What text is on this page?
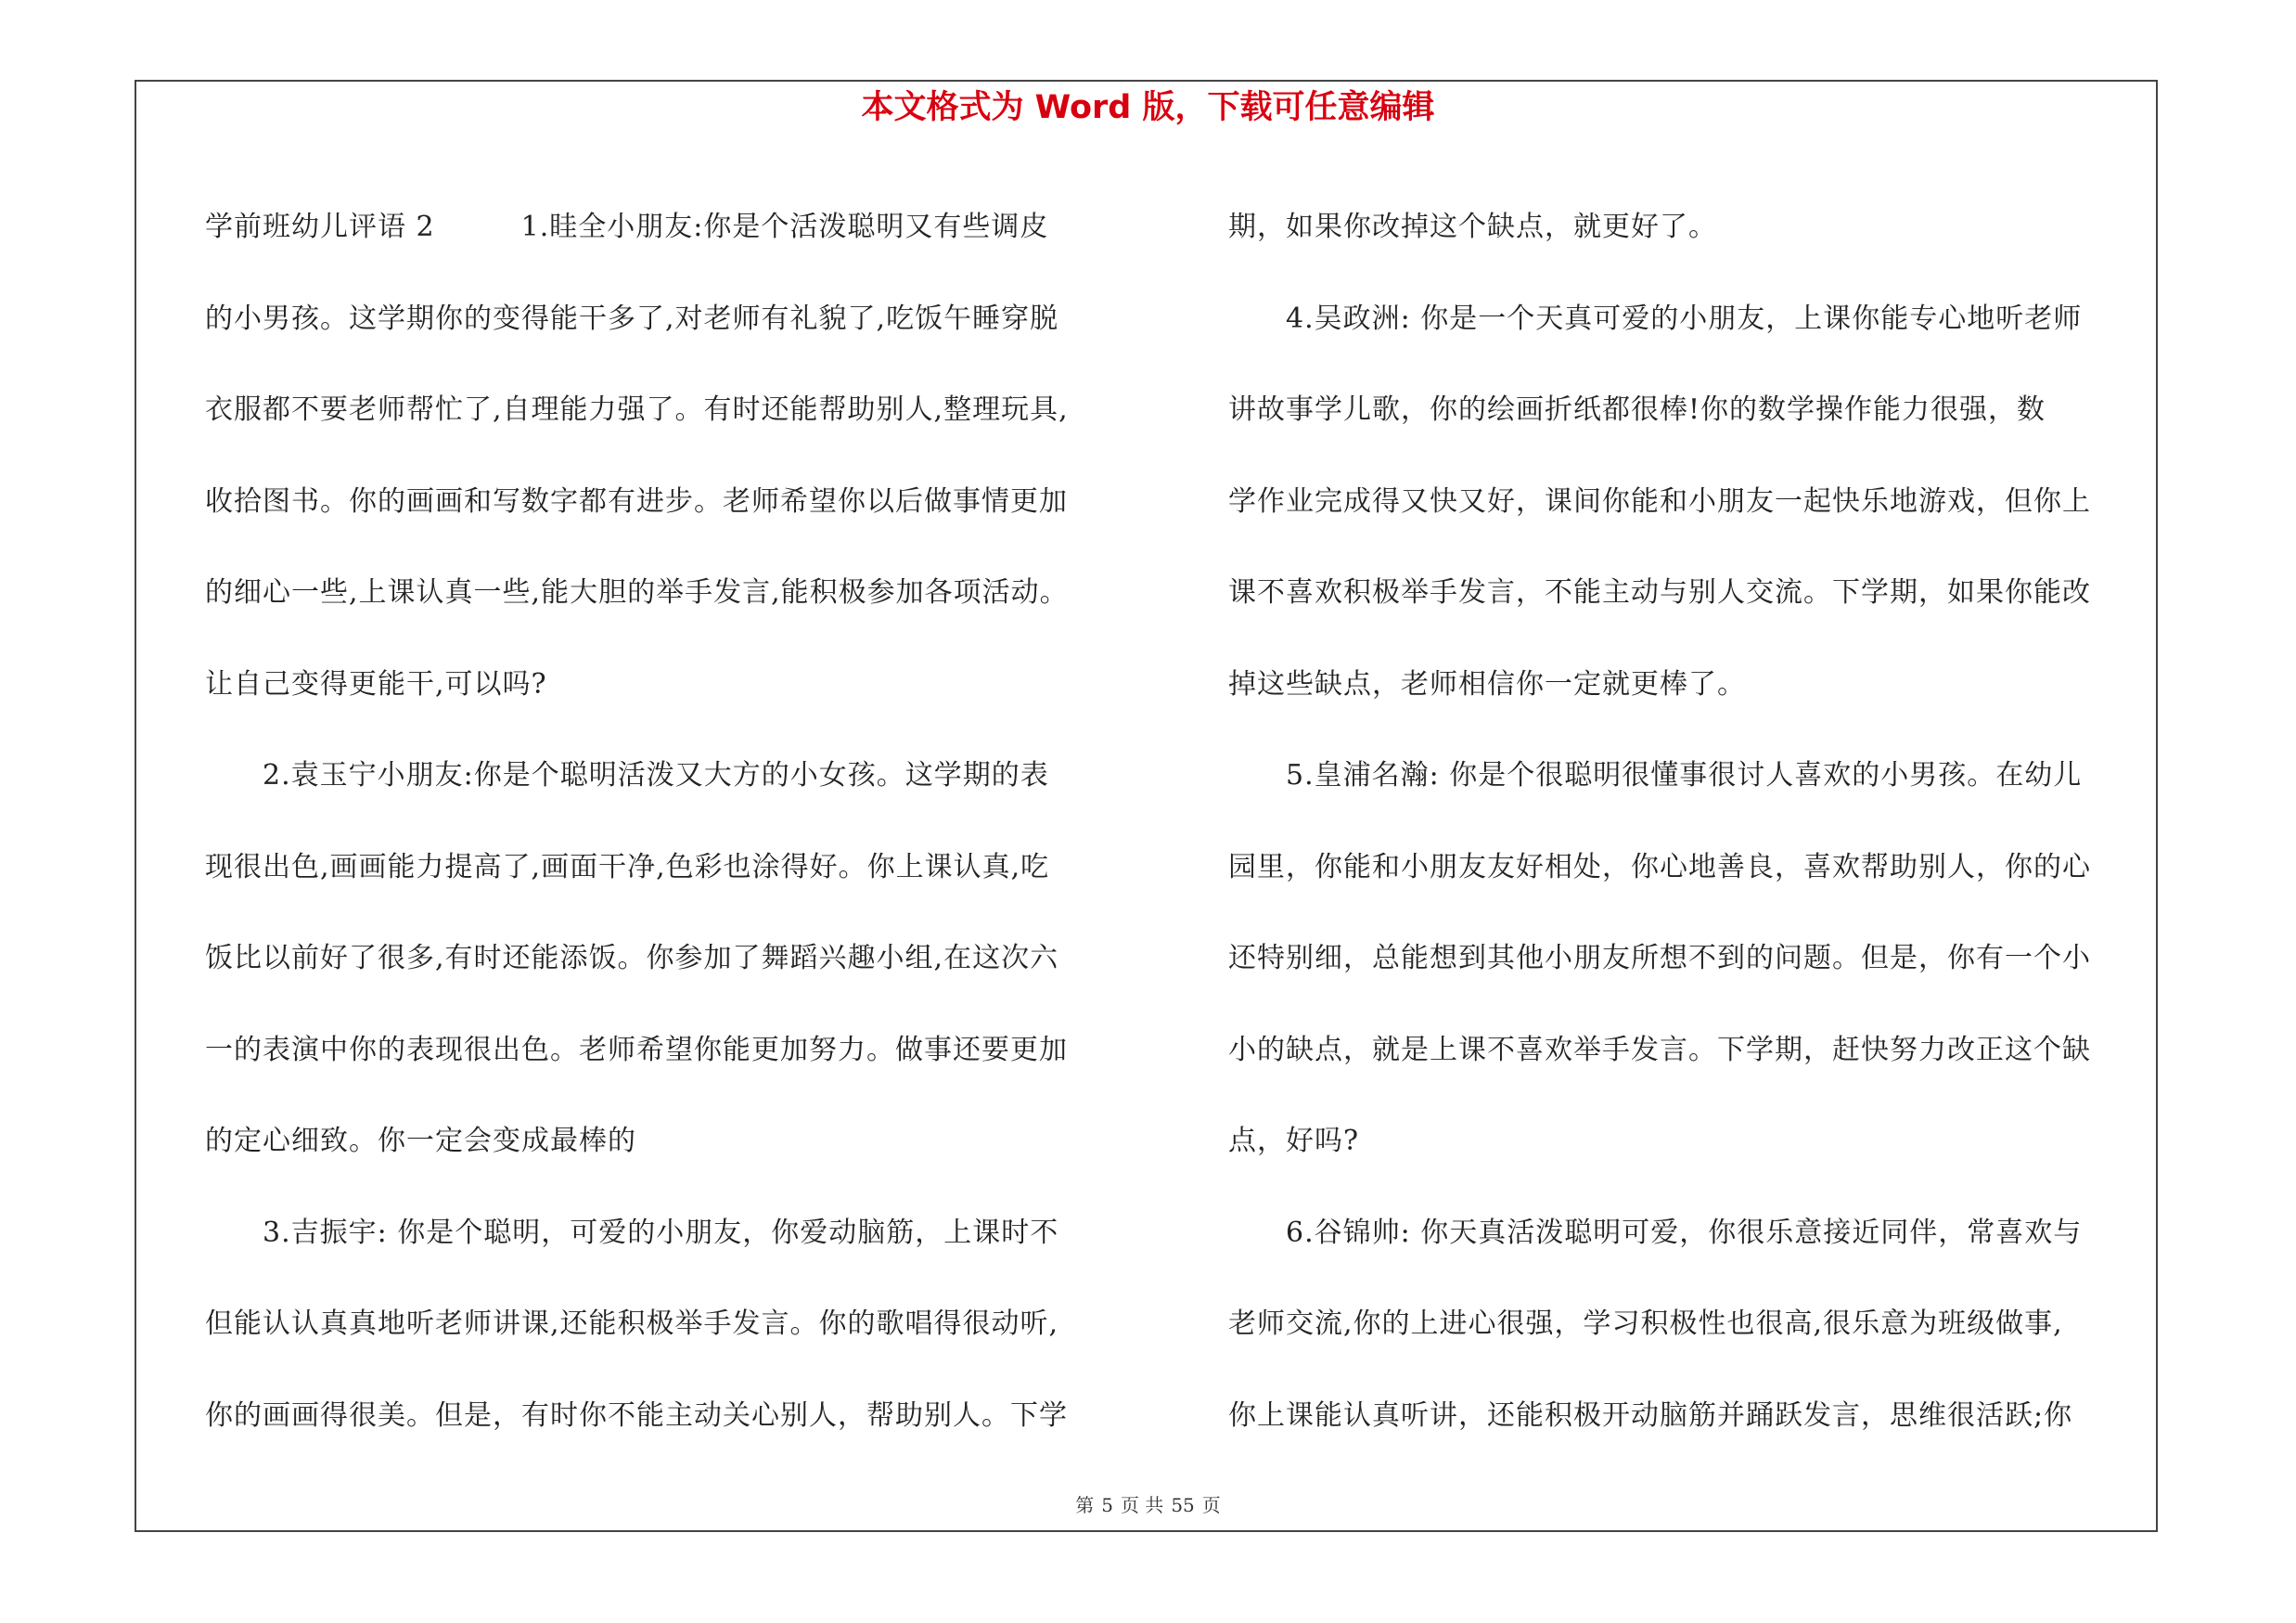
本文格式为 Word 版，下载可任意编辑
学前班幼儿评语 2　　　1.眭全小朋友:你是个活泼聪明又有些调皮
的小男孩。这学期你的变得能干多了,对老师有礼貌了,吃饭午睡穿脱
衣服都不要老师帮忙了,自理能力强了。有时还能帮助别人,整理玩具,
收拾图书。你的画画和写数字都有进步。老师希望你以后做事情更加
的细心一些,上课认真一些,能大胆的举手发言,能积极参加各项活动。
让自己变得更能干,可以吗?
　　2.袁玉宁小朋友:你是个聪明活泼又大方的小女孩。这学期的表
现很出色,画画能力提高了,画面干净,色彩也涂得好。你上课认真,吃
饭比以前好了很多,有时还能添饭。你参加了舞蹈兴趣小组,在这次六
一的表演中你的表现很出色。老师希望你能更加努力。做事还要更加
的定心细致。你一定会变成最棒的
　　3.吉振宇: 你是个聪明，可爱的小朋友，你爱动脑筋，上课时不
但能认认真真地听老师讲课,还能积极举手发言。你的歌唱得很动听,
你的画画得很美。但是，有时你不能主动关心别人，帮助别人。下学
期，如果你改掉这个缺点，就更好了。
　　4.吴政洲: 你是一个天真可爱的小朋友，上课你能专心地听老师
讲故事学儿歌，你的绘画折纸都很棒!你的数学操作能力很强，数
学作业完成得又快又好，课间你能和小朋友一起快乐地游戏，但你上
课不喜欢积极举手发言，不能主动与别人交流。下学期，如果你能改
掉这些缺点，老师相信你一定就更棒了。
　　5.皇浦名瀚: 你是个很聪明很懂事很讨人喜欢的小男孩。在幼儿
园里，你能和小朋友友好相处，你心地善良，喜欢帮助别人，你的心
还特别细，总能想到其他小朋友所想不到的问题。但是，你有一个小
小的缺点，就是上课不喜欢举手发言。下学期，赶快努力改正这个缺
点，好吗?
　　6.谷锦帅: 你天真活泼聪明可爱，你很乐意接近同伴，常喜欢与
老师交流,你的上进心很强，学习积极性也很高,很乐意为班级做事,
你上课能认真听讲，还能积极开动脑筋并踊跃发言，思维很活跃;你
第 5 页 共 55 页
